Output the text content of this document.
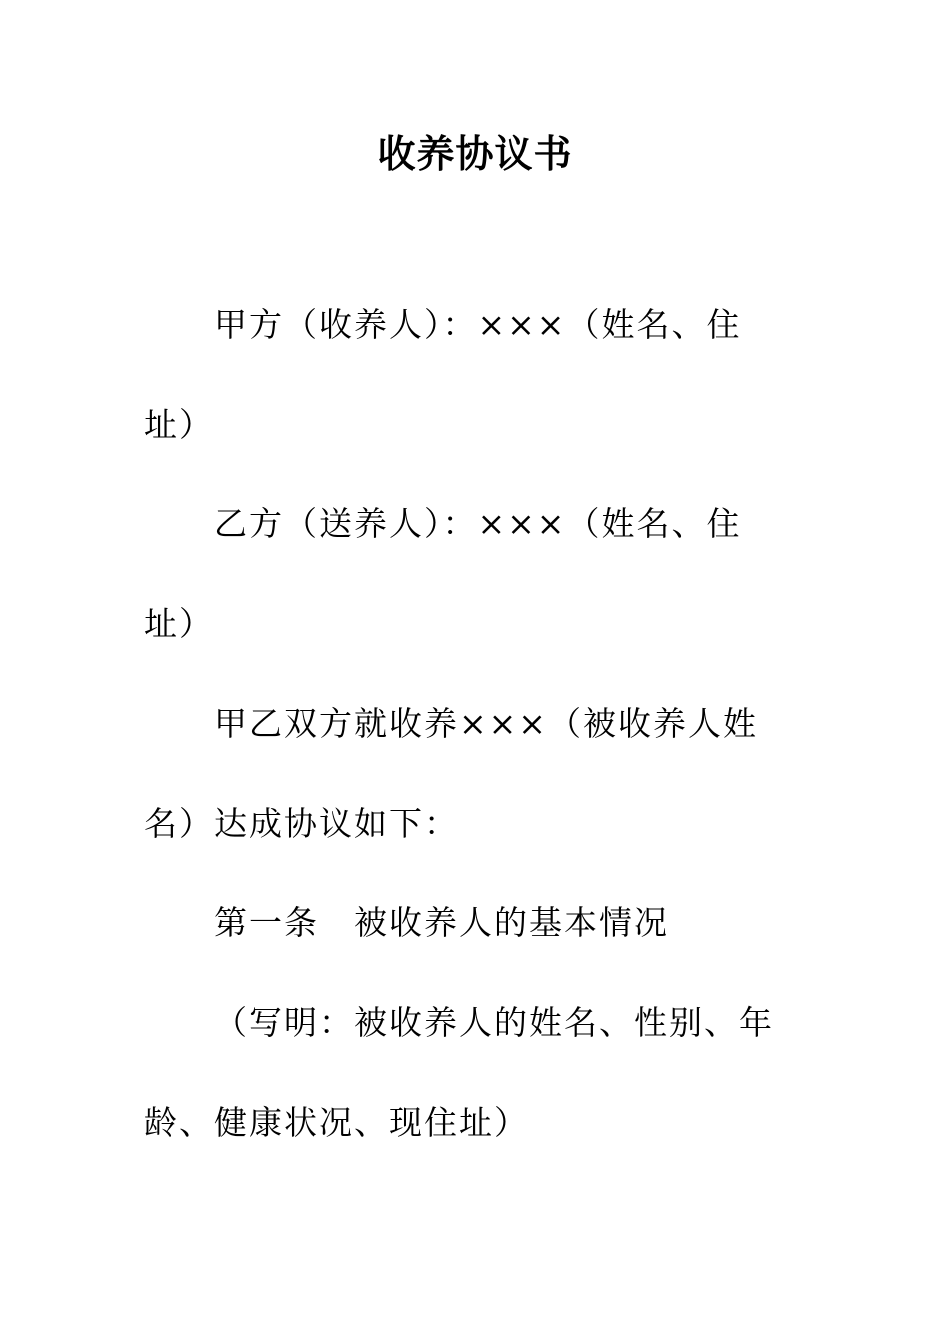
收养协议书
甲方（收养人）：×××（姓名、住
址）
乙方（送养人）：×××（姓名、住
址）
甲乙双方就收养×××（被收养人姓
名）达成协议如下：
第一条　被收养人的基本情况
（写明：被收养人的姓名、性别、年
龄、健康状况、现住址）
